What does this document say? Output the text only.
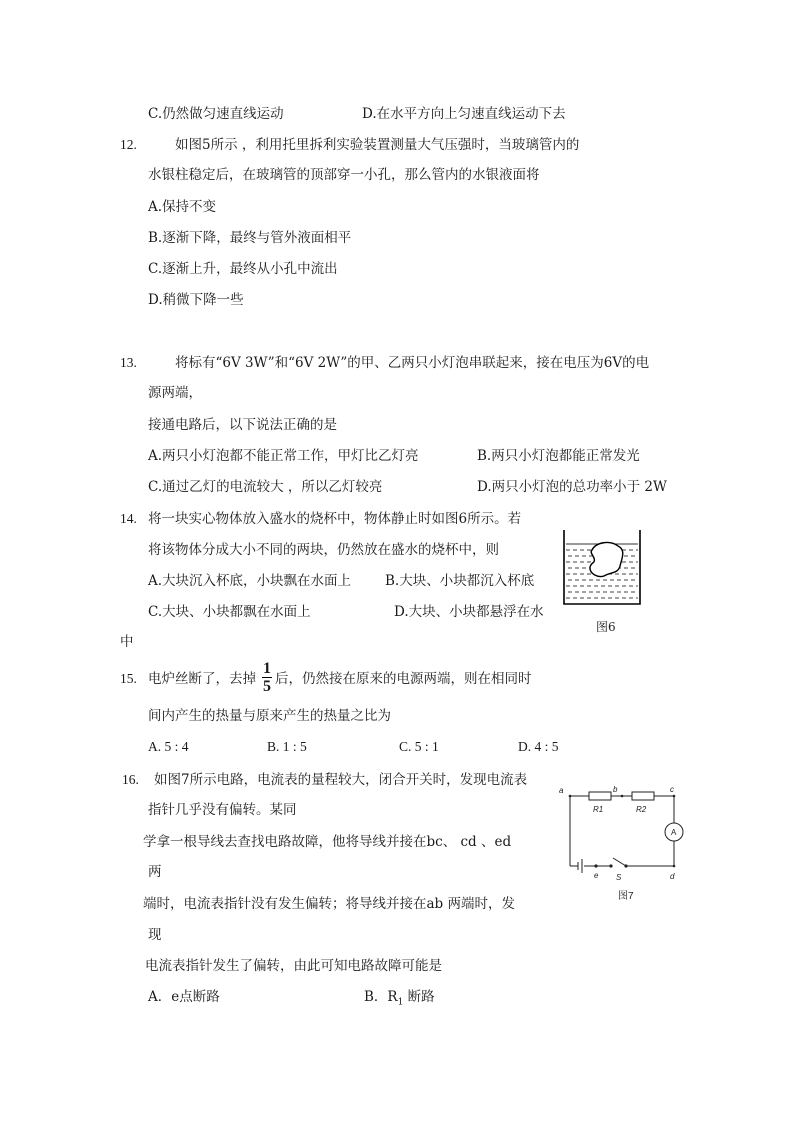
C.仍然做匀速直线运动	D.在水平方向上匀速直线运动下去
12.	如图5所示 ，利用托里拆利实验装置测量大气压强时，当玻璃管内的
水银柱稳定后，在玻璃管的顶部穿一小孔，那么管内的水银液面将
A.保持不变
B.逐渐下降，最终与管外液面相平
C.逐渐上升，最终从小孔中流出
D.稍微下降一些
13.	将标有“6V 3W”和“6V 2W”的甲、乙两只小灯泡串联起来，接在电压为6V的电
源两端，
接通电路后，以下说法正确的是
A.两只小灯泡都不能正常工作，甲灯比乙灯亮	B.两只小灯泡都能正常发光
C.通过乙灯的电流较大 ，所以乙灯较亮	D.两只小灯泡的总功率小于 2W
14. 将一块实心物体放入盛水的烧杯中，物体静止时如图6所示。若
将该物体分成大小不同的两块，仍然放在盛水的烧杯中，则
A.大块沉入杯底，小块飘在水面上	B.大块、小块都沉入杯底
C.大块、小块都飘在水面上	D.大块、小块都悬浮在水
中
图6
15. 电炉丝断了，去掉
1
5 后，仍然接在原来的电源两端，则在相同时
间内产生的热量与原来产生的热量之比为
A. 5 : 4	B. 1 : 5	C. 5 : 1	D. 4 : 5
16. 如图7所示电路，电流表的量程较大，闭合开关时，发现电流表
指针几乎没有偏转。某同
学拿一根导线去查找电路故障，他将导线并接在bc、 cd 、ed
两
端时，电流表指针没有发生偏转；将导线并接在ab 两端时，发
现
电流表指针发生了偏转，由此可知电路故障可能是
A．e点断路	B．$R_1$ 断路
a	b	c
d
e S
R1	R2
A
图7
